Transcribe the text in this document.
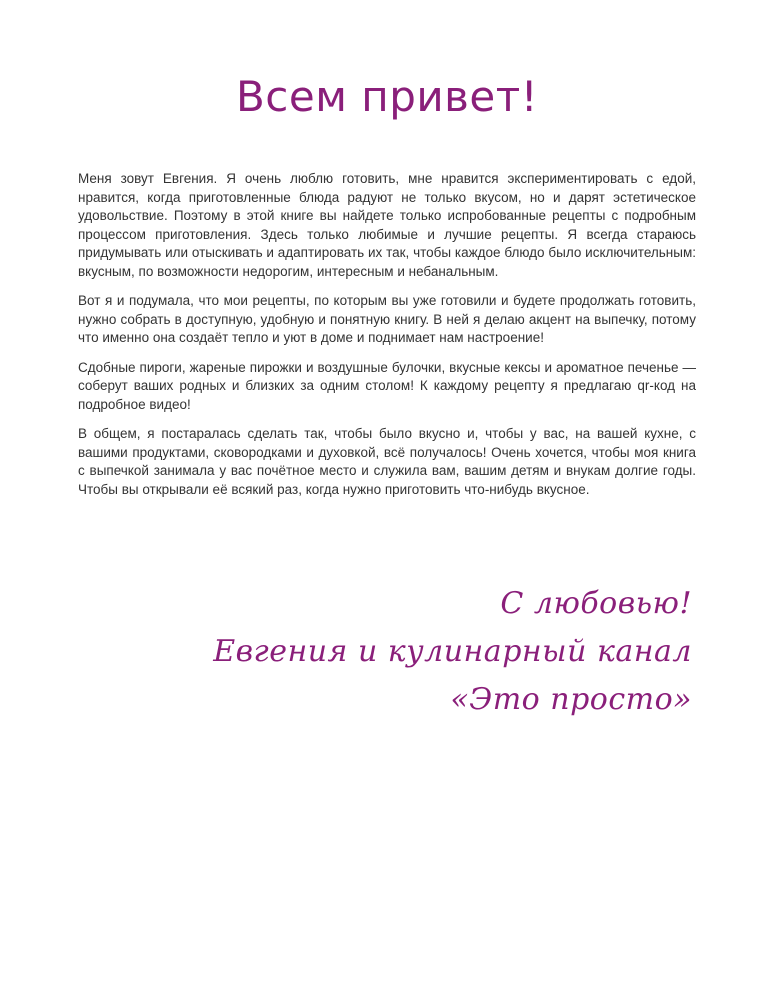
Всем привет!

Меня зовут Евгения. Я очень люблю готовить, мне нравится экспериментировать с едой, нравится, когда приготовленные блюда радуют не только вкусом, но и дарят эстетическое удовольствие. Поэтому в этой книге вы найдете только испробованные рецепты с подробным процессом приготовления. Здесь только любимые и лучшие рецепты. Я всегда стараюсь придумывать или отыскивать и адаптировать их так, чтобы каждое блюдо было исключительным: вкусным, по возможности недорогим, интересным и небанальным.

Вот я и подумала, что мои рецепты, по которым вы уже готовили и будете продолжать готовить, нужно собрать в доступную, удобную и понятную книгу. В ней я делаю акцент на выпечку, потому что именно она создаёт тепло и уют в доме и поднимает нам настроение!

Сдобные пироги, жареные пирожки и воздушные булочки, вкусные кексы и ароматное печенье — соберут ваших родных и близких за одним столом! К каждому рецепту я предлагаю qr-код на подробное видео!

В общем, я постаралась сделать так, чтобы было вкусно и, чтобы у вас, на вашей кухне, с вашими продуктами, сковородками и духовкой, всё получалось! Очень хочется, чтобы моя книга с выпечкой занимала у вас почётное место и служила вам, вашим детям и внукам долгие годы. Чтобы вы открывали её всякий раз, когда нужно приготовить что-нибудь вкусное.

С любовью!
Евгения и кулинарный канал
«Это просто»
